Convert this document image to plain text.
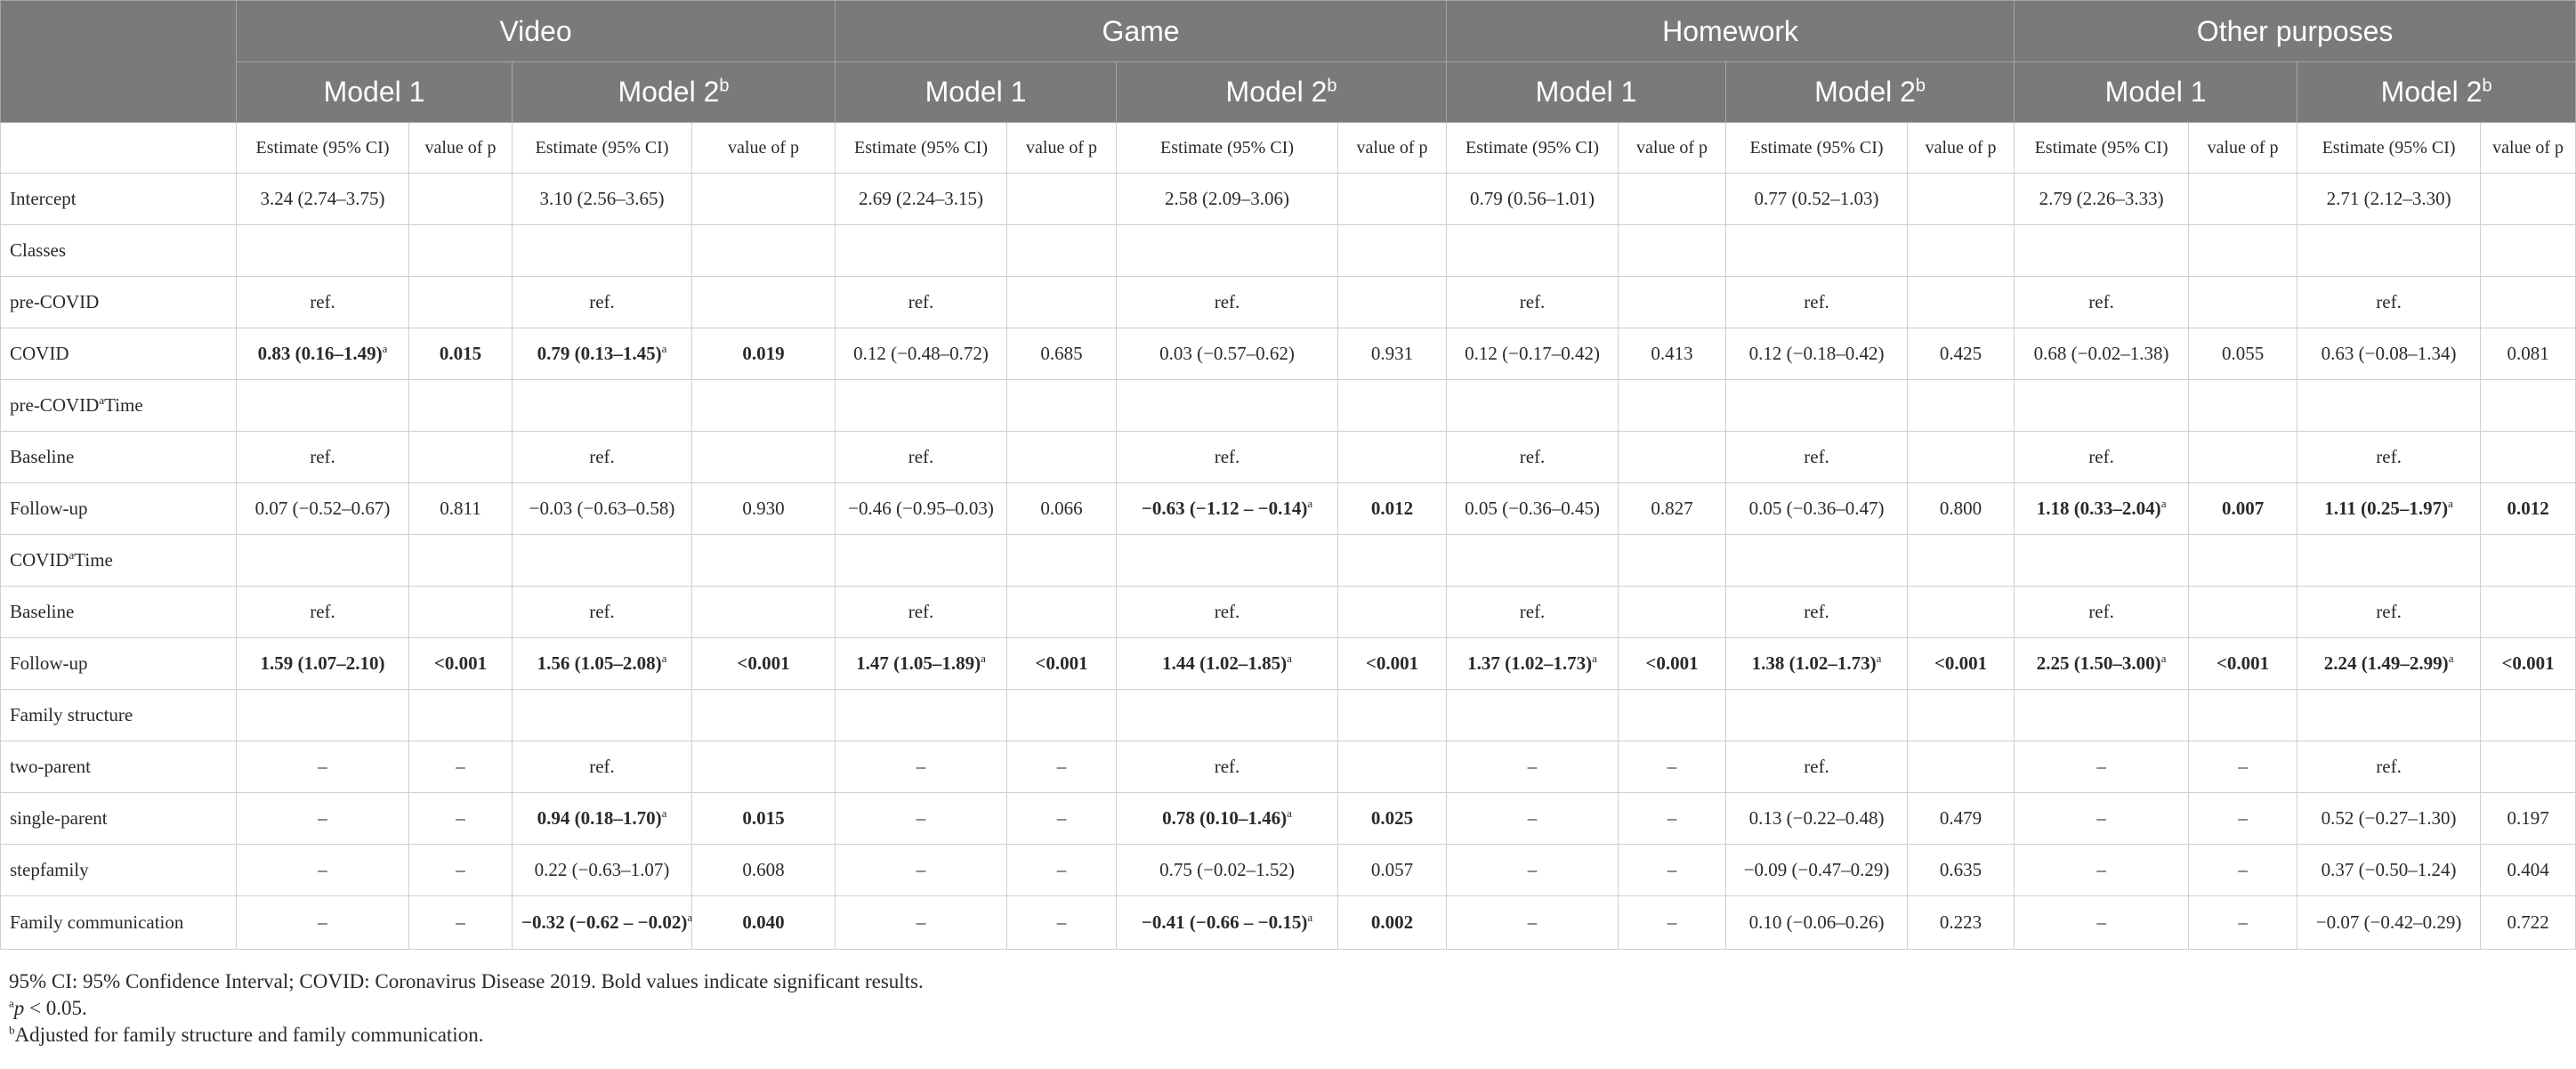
	Video				Game				Homework				Other purposes			
	Model 1		Model 2$^b$		Model 1		Model 2$^b$		Model 1		Model 2$^b$		Model 1		Model 2$^b$
	Estimate (95% CI)	value of p	Estimate (95% CI)	value of p	Estimate (95% CI)	value of p	Estimate (95% CI)	value of p	Estimate (95% CI)	value of p	Estimate (95% CI)	value of p	Estimate (95% CI)	value of p	Estimate (95% CI)	value of p
Intercept	3.24 (2.74–3.75)		3.10 (2.56–3.65)		2.69 (2.24–3.15)		2.58 (2.09–3.06)		0.79 (0.56–1.01)		0.77 (0.52–1.03)		2.79 (2.26–3.33)		2.71 (2.12–3.30)	
Classes																
pre-COVID	ref.		ref.		ref.		ref.		ref.		ref.		ref.		ref.	
COVID	0.83 $(0.16-1.49)^a$	0.015	0.79 $(0.13-1.45)^a$	0.019	0.12 (−0.48–0.72)	0.685	0.03 (−0.57–0.62)	0.931	0.12 (−0.17–0.42)	0.413	0.12 (−0.18–0.42)	0.425	0.68 (−0.02–1.38)	0.055	0.63 (−0.08–1.34)	0.081
pre-COVID$^a$Time																
Baseline	ref.		ref.		ref.		ref.		ref.		ref.		ref.		ref.	
Follow-up	0.07 (−0.52–0.67)	0.811	−0.03 (−0.63–0.58)	0.930	−0.46 (−0.95–0.03)	0.066	−0.63 $(-1.12 - -0.14)^a$	0.012	0.05 (−0.36–0.45)	0.827	0.05 (−0.36–0.47)	0.800	1.18 $(0.33-2.04)^a$	0.007	1.11 $(0.25-1.97)^a$	0.012
COVID$^a$Time																
Baseline	ref.		ref.		ref.		ref.		ref.		ref.		ref.		ref.	
Follow-up	1.59 (1.07–2.10)	<0.001	1.56 $(1.05-2.08)^a$	<0.001	1.47 $(1.05-1.89)^a$	<0.001	1.44 $(1.02-1.85)^a$	<0.001	1.37 $(1.02-1.73)^a$	<0.001	1.38 $(1.02-1.73)^a$	<0.001	2.25 $(1.50-3.00)^a$	<0.001	2.24 $(1.49-2.99)^a$	<0.001
Family structure																
two-parent	–	–	ref.		–	–	ref.		–	–	ref.		–	–	ref.	
single-parent	–	–	0.94 $(0.18-1.70)^a$	0.015	–	–	0.78 $(0.10-1.46)^a$	0.025	–	–	0.13 (−0.22–0.48)	0.479	–	–	0.52 (−0.27–1.30)	0.197
stepfamily	–	–	0.22 (−0.63–1.07)	0.608	–	–	0.75 (−0.02–1.52)	0.057	–	–	−0.09 (−0.47–0.29)	0.635	–	–	0.37 (−0.50–1.24)	0.404
Family communication	–	–	−0.32 $(-0.62 - -0.02)^a$	0.040	–	–	−0.41 $(-0.66 - -0.15)^a$	0.002	–	–	0.10 (−0.06–0.26)	0.223	–	–	−0.07 (−0.42–0.29)	0.722
95% CI: 95% Confidence Interval; COVID: Coronavirus Disease 2019. Bold values indicate significant results.
$^a$p < 0.05.
$^b$Adjusted for family structure and family communication.
